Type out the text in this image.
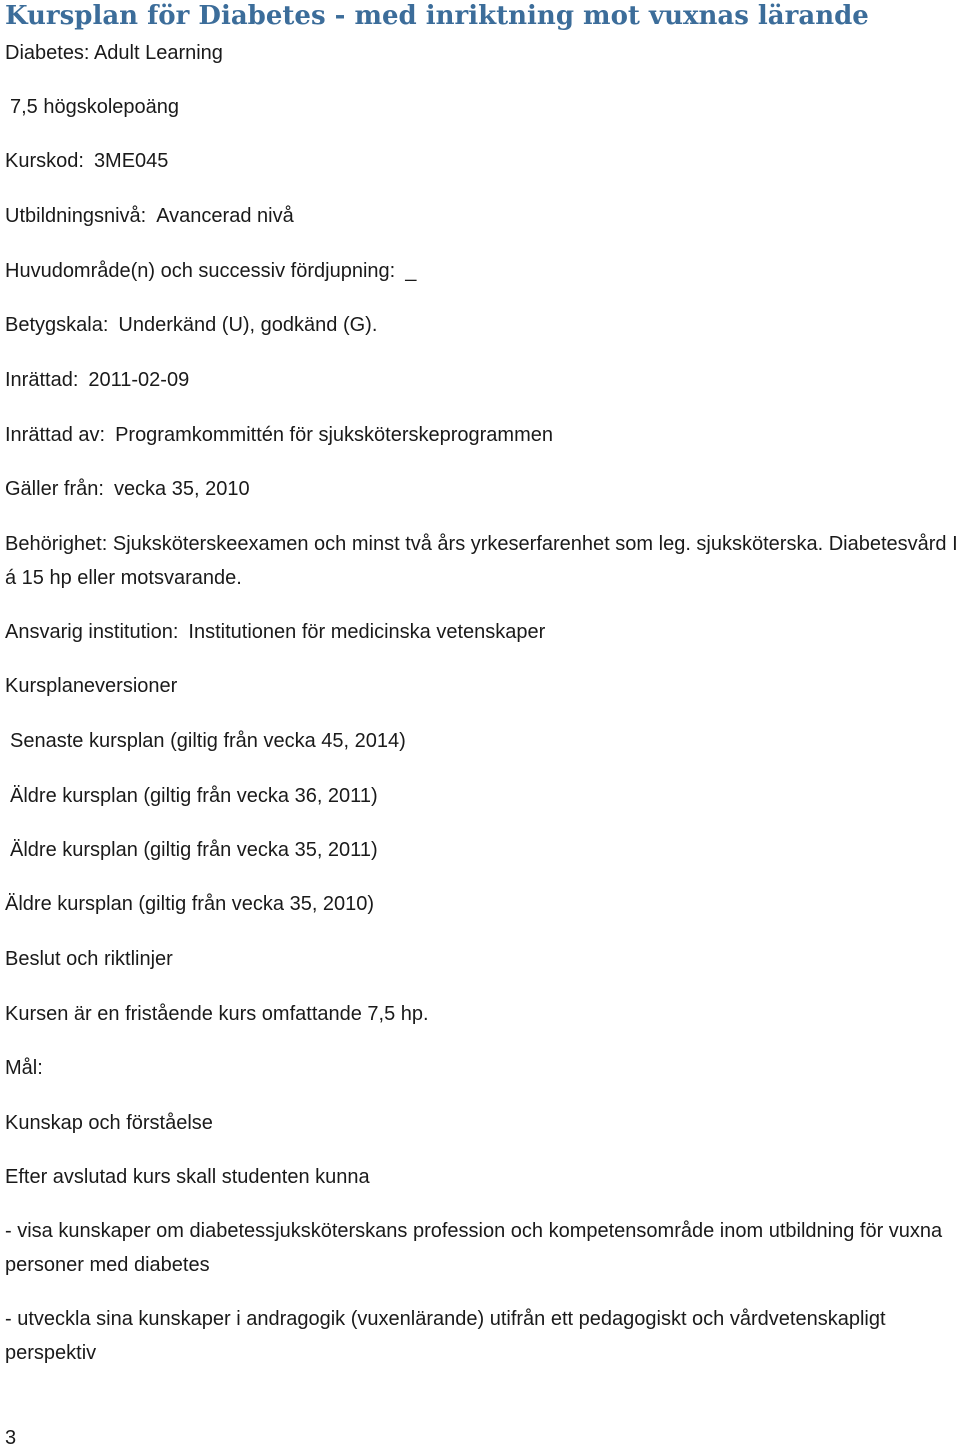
Kursplan för Diabetes - med inriktning mot vuxnas lärande

Diabetes: Adult Learning

7,5 högskolepoäng

Kurskod: 3ME045

Utbildningsnivå: Avancerad nivå

Huvudområde(n) och successiv fördjupning: _

Betygskala: Underkänd (U), godkänd (G).

Inrättad: 2011-02-09

Inrättad av: Programkommittén för sjuksköterskeprogrammen

Gäller från: vecka 35, 2010

Behörighet: Sjuksköterskeexamen och minst två års yrkeserfarenhet som leg. sjuksköterska. Diabetesvård I á 15 hp eller motsvarande.

Ansvarig institution: Institutionen för medicinska vetenskaper

Kursplaneversioner

Senaste kursplan (giltig från vecka 45, 2014)

Äldre kursplan (giltig från vecka 36, 2011)

Äldre kursplan (giltig från vecka 35, 2011)

Äldre kursplan (giltig från vecka 35, 2010)

Beslut och riktlinjer

Kursen är en fristående kurs omfattande 7,5 hp.

Mål:

Kunskap och förståelse

Efter avslutad kurs skall studenten kunna

- visa kunskaper om diabetessjuksköterskans profession och kompetensområde inom utbildning för vuxna personer med diabetes

- utveckla sina kunskaper i andragogik (vuxenlärande) utifrån ett pedagogiskt och vårdvetenskapligt perspektiv

3
